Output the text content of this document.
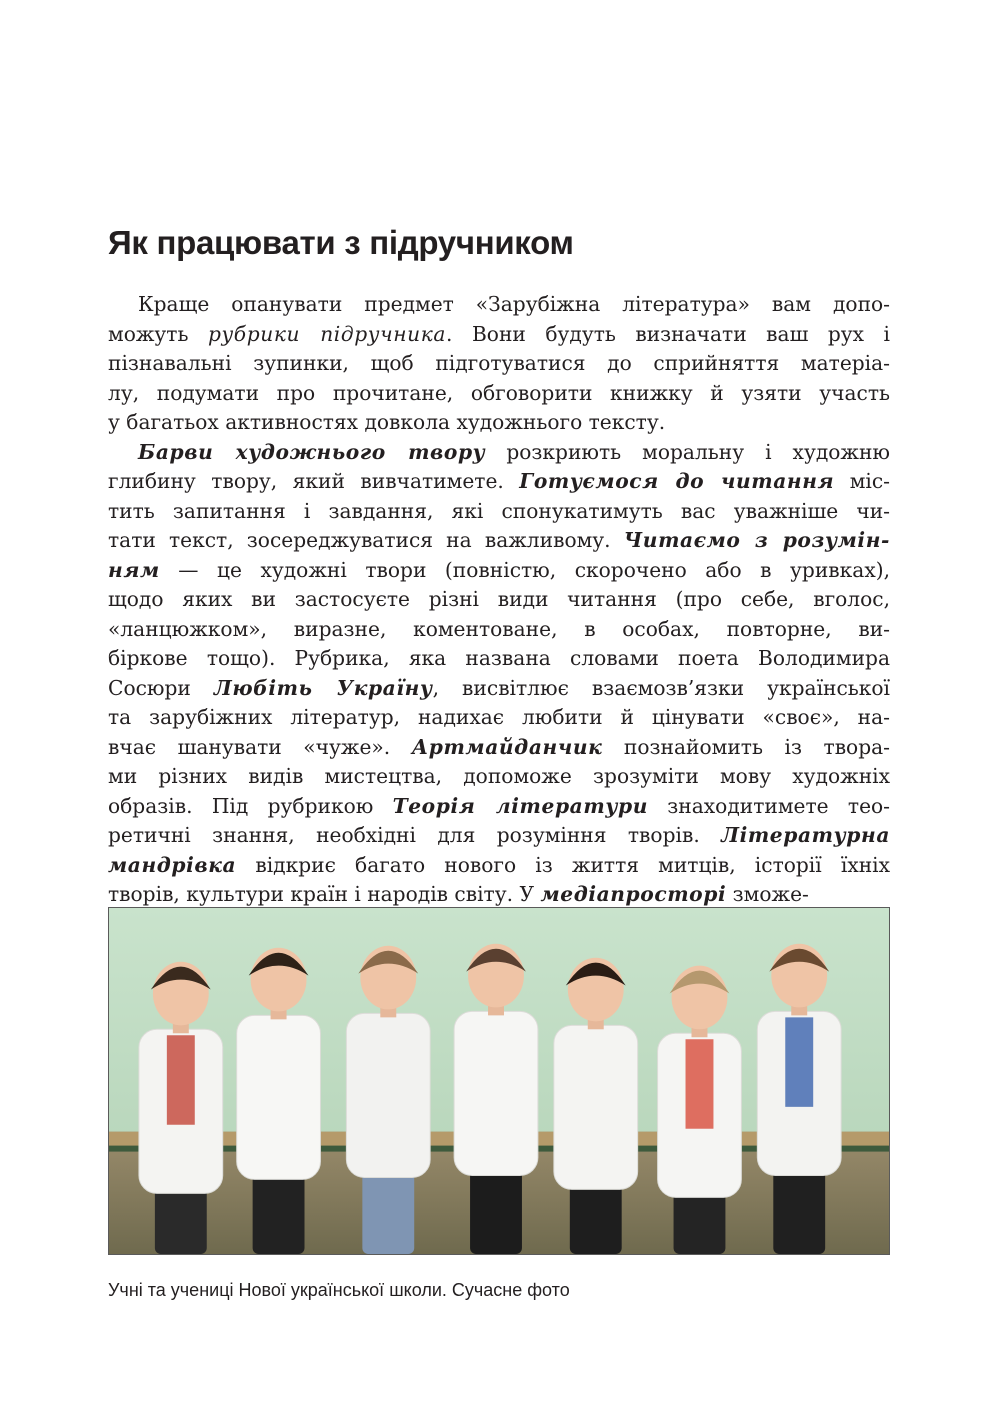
Як працювати з підручником
Краще опанувати предмет «Зарубіжна література» вам допо-
можуть рубрики підручника. Вони будуть визначати ваш рух і
пізнавальні зупинки, щоб підготуватися до сприйняття матеріа-
лу, подумати про прочитане, обговорити книжку й узяти участь
у багатьох активностях довкола художнього тексту.
Барви художнього твору розкриють моральну і художню
глибину твору, який вивчатимете. Готуємося до читання міс-
тить запитання і завдання, які спонукатимуть вас уважніше чи-
тати текст, зосереджуватися на важливому. Читаємо з розумін-
ням — це художні твори (повністю, скорочено або в уривках),
щодо яких ви застосуєте різні види читання (про себе, вголос,
«ланцюжком», виразне, коментоване, в особах, повторне, ви-
біркове тощо). Рубрика, яка названа словами поета Володимира
Сосюри Любіть Україну, висвітлює взаємозв’язки української
та зарубіжних літератур, надихає любити й цінувати «своє», на-
вчає шанувати «чуже». Артмайданчик познайомить із твора-
ми різних видів мистецтва, допоможе зрозуміти мову художніх
образів. Під рубрикою Теорія літератури знаходитимете тео-
ретичні знання, необхідні для розуміння творів. Літературна
мандрівка відкриє багато нового із життя митців, історії їхніх
творів, культури країн і народів світу. У медіапросторі зможе-
Учні та учениці Нової української школи. Сучасне фото
